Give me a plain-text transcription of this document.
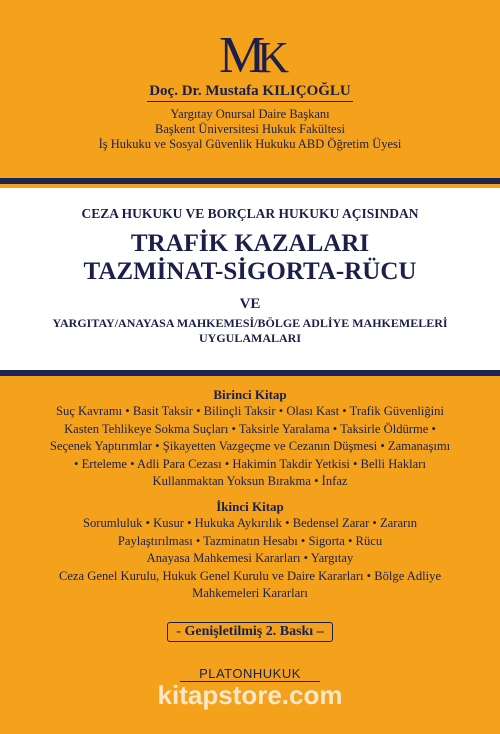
MK
Doç. Dr. Mustafa KILIÇOĞLU
Yargıtay Onursal Daire Başkanı
Başkent Üniversitesi Hukuk Fakültesi
İş Hukuku ve Sosyal Güvenlik Hukuku ABD Öğretim Üyesi
CEZA HUKUKU VE BORÇLAR HUKUKU AÇISINDAN
TRAFİK KAZALARI
TAZMİNAT-SİGORTA-RÜCU
VE
YARGITAY/ANAYASA MAHKEMESİ/BÖLGE ADLİYE MAHKEMELERİ
UYGULAMALARI
Birinci Kitap
Suç Kavramı • Basit Taksir • Bilinçli Taksir • Olası Kast • Trafik Güvenliğini
Kasten Tehlikeye Sokma Suçları • Taksirle Yaralama • Taksirle Öldürme •
Seçenek Yaptırımlar • Şikayetten Vazgeçme ve Cezanın Düşmesi • Zamanaşımı
• Erteleme • Adli Para Cezası • Hakimin Takdir Yetkisi • Belli Hakları
Kullanmaktan Yoksun Bırakma • İnfaz
İkinci Kitap
Sorumluluk • Kusur • Hukuka Aykırılık • Bedensel Zarar • Zararın
Paylaştırılması • Tazminatın Hesabı • Sigorta • Rücu
Anayasa Mahkemesi Kararları • Yargıtay
Ceza Genel Kurulu, Hukuk Genel Kurulu ve Daire Kararları • Bölge Adliye
Mahkemeleri Kararları
- Genişletilmiş 2. Baskı –
PLATONHUKUK
kitapstore.com
